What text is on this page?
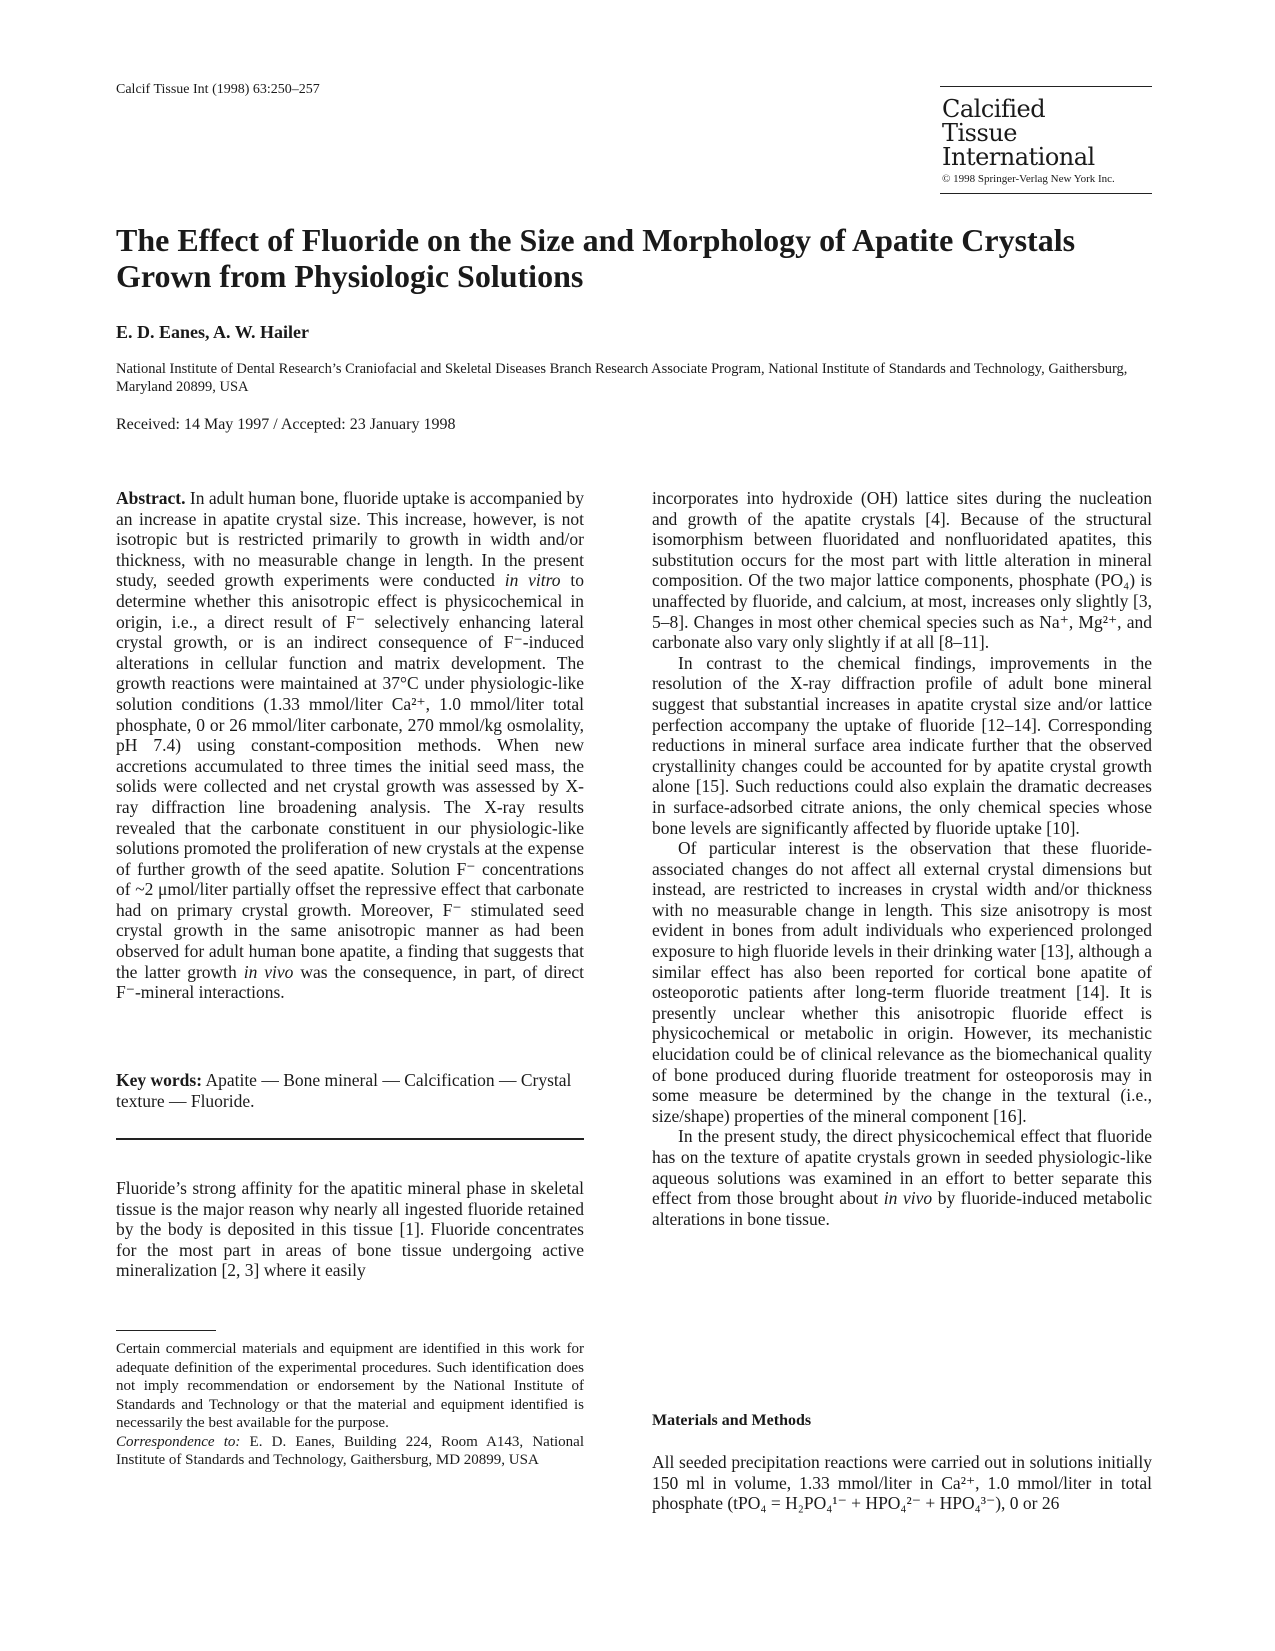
Calcif Tissue Int (1998) 63:250–257
Calcified
Tissue
International
© 1998 Springer-Verlag New York Inc.
The Effect of Fluoride on the Size and Morphology of Apatite Crystals Grown from Physiologic Solutions
E. D. Eanes, A. W. Hailer
National Institute of Dental Research’s Craniofacial and Skeletal Diseases Branch Research Associate Program, National Institute of Standards and Technology, Gaithersburg, Maryland 20899, USA
Received: 14 May 1997 / Accepted: 23 January 1998

Abstract. In adult human bone, fluoride uptake is accompanied by an increase in apatite crystal size. This increase, however, is not isotropic but is restricted primarily to growth in width and/or thickness, with no measurable change in length. In the present study, seeded growth experiments were conducted in vitro to determine whether this anisotropic effect is physicochemical in origin, i.e., a direct result of F⁻ selectively enhancing lateral crystal growth, or is an indirect consequence of F⁻-induced alterations in cellular function and matrix development. The growth reactions were maintained at 37°C under physiologic-like solution conditions (1.33 mmol/liter Ca²⁺, 1.0 mmol/liter total phosphate, 0 or 26 mmol/liter carbonate, 270 mmol/kg osmolality, pH 7.4) using constant-composition methods. When new accretions accumulated to three times the initial seed mass, the solids were collected and net crystal growth was assessed by X-ray diffraction line broadening analysis. The X-ray results revealed that the carbonate constituent in our physiologic-like solutions promoted the proliferation of new crystals at the expense of further growth of the seed apatite. Solution F⁻ concentrations of ~2 μmol/liter partially offset the repressive effect that carbonate had on primary crystal growth. Moreover, F⁻ stimulated seed crystal growth in the same anisotropic manner as had been observed for adult human bone apatite, a finding that suggests that the latter growth in vivo was the consequence, in part, of direct F⁻-mineral interactions.

Key words: Apatite — Bone mineral — Calcification — Crystal texture — Fluoride.

Fluoride’s strong affinity for the apatitic mineral phase in skeletal tissue is the major reason why nearly all ingested fluoride retained by the body is deposited in this tissue [1]. Fluoride concentrates for the most part in areas of bone tissue undergoing active mineralization [2, 3] where it easily

Certain commercial materials and equipment are identified in this work for adequate definition of the experimental procedures. Such identification does not imply recommendation or endorsement by the National Institute of Standards and Technology or that the material and equipment identified is necessarily the best available for the purpose.

Correspondence to: E. D. Eanes, Building 224, Room A143, National Institute of Standards and Technology, Gaithersburg, MD 20899, USA

incorporates into hydroxide (OH) lattice sites during the nucleation and growth of the apatite crystals [4]. Because of the structural isomorphism between fluoridated and nonfluoridated apatites, this substitution occurs for the most part with little alteration in mineral composition. Of the two major lattice components, phosphate (PO₄) is unaffected by fluoride, and calcium, at most, increases only slightly [3, 5–8]. Changes in most other chemical species such as Na⁺, Mg²⁺, and carbonate also vary only slightly if at all [8–11].

In contrast to the chemical findings, improvements in the resolution of the X-ray diffraction profile of adult bone mineral suggest that substantial increases in apatite crystal size and/or lattice perfection accompany the uptake of fluoride [12–14]. Corresponding reductions in mineral surface area indicate further that the observed crystallinity changes could be accounted for by apatite crystal growth alone [15]. Such reductions could also explain the dramatic decreases in surface-adsorbed citrate anions, the only chemical species whose bone levels are significantly affected by fluoride uptake [10].

Of particular interest is the observation that these fluoride-associated changes do not affect all external crystal dimensions but instead, are restricted to increases in crystal width and/or thickness with no measurable change in length. This size anisotropy is most evident in bones from adult individuals who experienced prolonged exposure to high fluoride levels in their drinking water [13], although a similar effect has also been reported for cortical bone apatite of osteoporotic patients after long-term fluoride treatment [14]. It is presently unclear whether this anisotropic fluoride effect is physicochemical or metabolic in origin. However, its mechanistic elucidation could be of clinical relevance as the biomechanical quality of bone produced during fluoride treatment for osteoporosis may in some measure be determined by the change in the textural (i.e., size/shape) properties of the mineral component [16].

In the present study, the direct physicochemical effect that fluoride has on the texture of apatite crystals grown in seeded physiologic-like aqueous solutions was examined in an effort to better separate this effect from those brought about in vivo by fluoride-induced metabolic alterations in bone tissue.

Materials and Methods

All seeded precipitation reactions were carried out in solutions initially 150 ml in volume, 1.33 mmol/liter in Ca²⁺, 1.0 mmol/liter in total phosphate (tPO₄ = H₂PO₄¹⁻ + HPO₄²⁻ + HPO₄³⁻), 0 or 26
